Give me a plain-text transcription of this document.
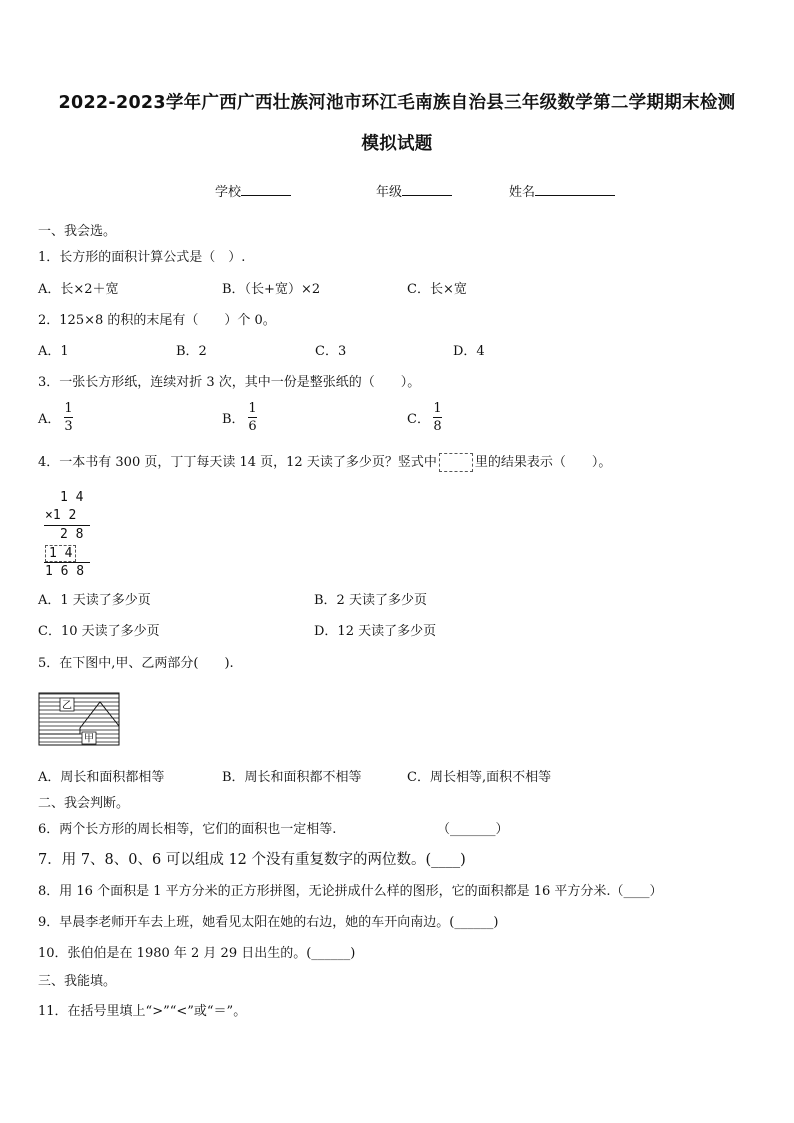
2022-2023学年广西广西壮族河池市环江毛南族自治县三年级数学第二学期期末检测
模拟试题
学校	年级	姓名
一、我会选。
1．长方形的面积计算公式是（　）.
A．长×2＋宽	B．（长+宽）×2	C．长×宽
2．125×8 的积的末尾有（　　）个 0。
A．1	B．2	C．3	D．4
3．一张长方形纸，连续对折 3 次，其中一份是整张纸的（　　）。
A．
1
3	B．
1
6	C．
1
8
4．一本书有 300 页，丁丁每天读 14 页，12 天读了多少页？竖式中	里的结果表示（　　）。
1 4
×1 2
2 8
1 4
1 6 8
A．1 天读了多少页	B．2 天读了多少页
C．10 天读了多少页	D．12 天读了多少页
5．在下图中,甲、乙两部分(　　).
乙
甲
A．周长和面积都相等	B．周长和面积都不相等	C．周长相等,面积不相等
二、我会判断。
6．两个长方形的周长相等，它们的面积也一定相等.	（_______）
7．用 7、8、0、6 可以组成 12 个没有重复数字的两位数。(____)
8．用 16 个面积是 1 平方分米的正方形拼图，无论拼成什么样的图形，它的面积都是 16 平方分米.（____）
9．早晨李老师开车去上班，她看见太阳在她的右边，她的车开向南边。(______)
10．张伯伯是在 1980 年 2 月 29 日出生的。(______)
三、我能填。
11．在括号里填上“>”“<”或“＝”。
